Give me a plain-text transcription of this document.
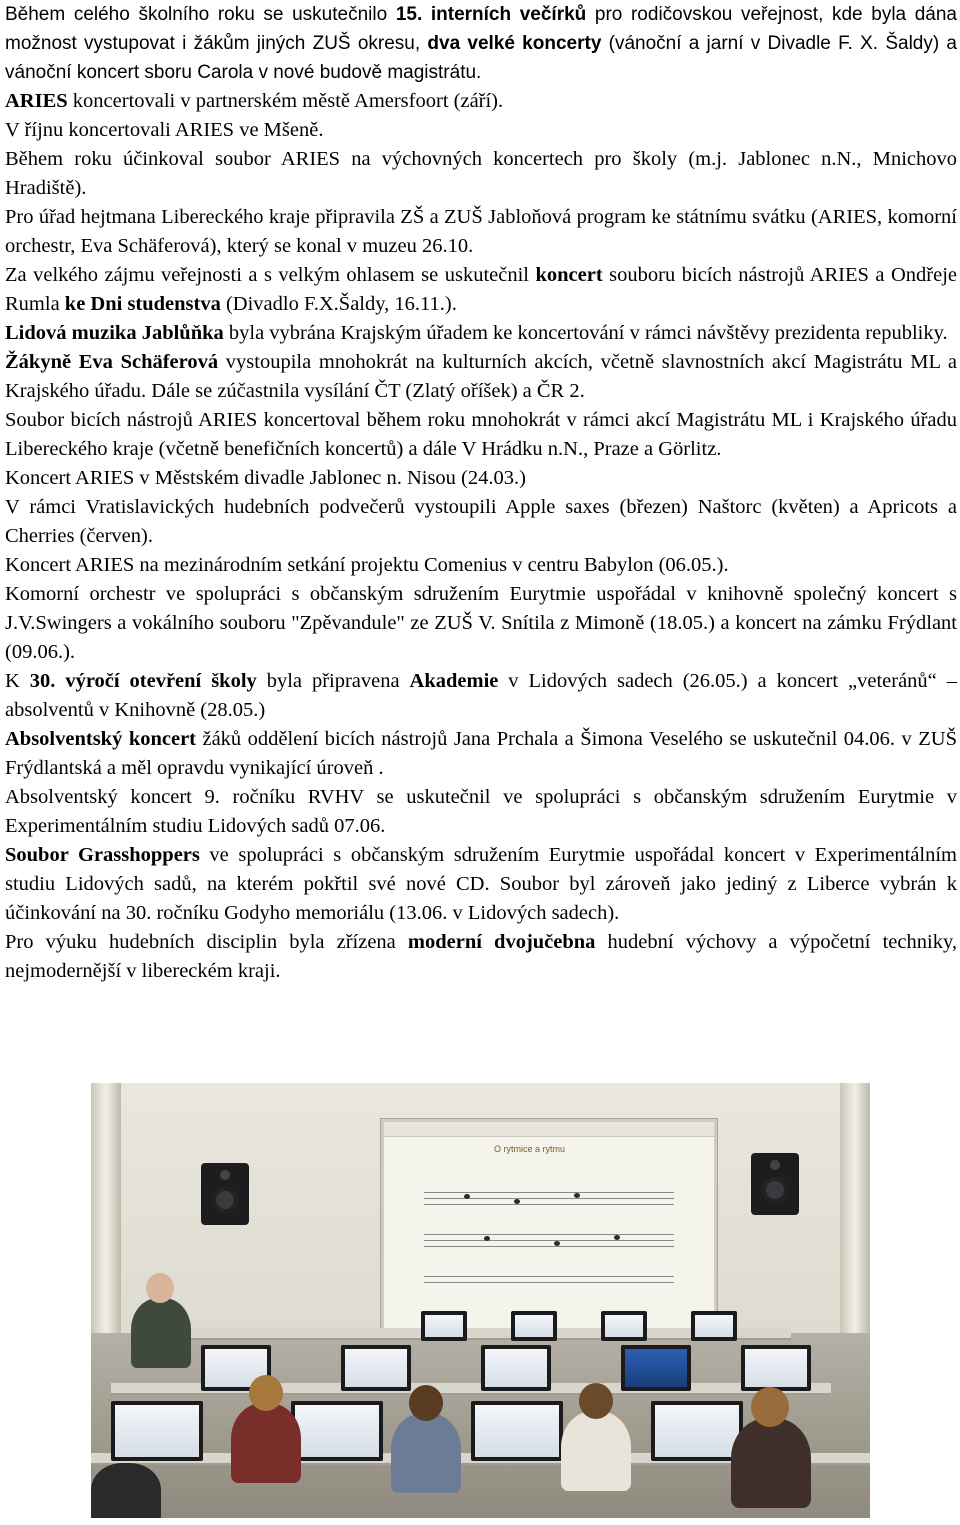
Během celého školního roku se uskutečnilo 15. interních večírků pro rodičovskou veřejnost, kde byla dána možnost vystupovat i žákům jiných ZUŠ okresu, dva velké koncerty (vánoční a jarní v Divadle F. X. Šaldy) a vánoční koncert sboru Carola v nové budově magistrátu.

ARIES koncertovali v partnerském městě Amersfoort (září).

V říjnu koncertovali ARIES ve Mšeně.

Během roku účinkoval soubor ARIES na výchovných koncertech pro školy (m.j. Jablonec n.N., Mnichovo Hradiště).

Pro úřad hejtmana Libereckého kraje připravila ZŠ a ZUŠ Jabloňová program ke státnímu svátku (ARIES, komorní orchestr, Eva Schäferová), který se konal v muzeu 26.10.

Za velkého zájmu veřejnosti a s velkým ohlasem se uskutečnil koncert souboru bicích nástrojů ARIES a Ondřeje Rumla ke Dni studenstva (Divadlo F.X.Šaldy, 16.11.).

Lidová muzika Jablůňka byla vybrána Krajským úřadem ke koncertování v rámci návštěvy prezidenta republiky.

Žákyně Eva Schäferová vystoupila mnohokrát na kulturních akcích, včetně slavnostních akcí Magistrátu ML a Krajského úřadu. Dále se zúčastnila vysílání ČT (Zlatý oříšek) a ČR 2.

Soubor bicích nástrojů ARIES koncertoval během roku mnohokrát v rámci akcí Magistrátu ML i Krajského úřadu Libereckého kraje (včetně benefičních koncertů) a dále V Hrádku n.N., Praze a Görlitz.

Koncert ARIES v Městském divadle Jablonec n. Nisou (24.03.)

V rámci Vratislavických hudebních podvečerů vystoupili Apple saxes (březen) Naštorc (květen) a Apricots a Cherries (červen).

Koncert ARIES na mezinárodním setkání projektu Comenius v centru Babylon (06.05.).

Komorní orchestr ve spolupráci s občanským sdružením Eurytmie uspořádal v knihovně společný koncert s J.V.Swingers a vokálního souboru "Zpěvandule" ze ZUŠ V. Snítila z Mimoně (18.05.) a koncert na zámku Frýdlant (09.06.).

K 30. výročí otevření školy byla připravena Akademie v Lidových sadech (26.05.) a koncert „veteránů“ – absolventů v Knihovně (28.05.)

Absolventský koncert žáků oddělení bicích nástrojů Jana Prchala a Šimona Veselého se uskutečnil 04.06. v ZUŠ Frýdlantská a měl opravdu vynikající úroveň .

Absolventský koncert 9. ročníku RVHV se uskutečnil ve spolupráci s občanským sdružením Eurytmie v Experimentálním studiu Lidových sadů 07.06.

Soubor Grasshoppers ve spolupráci s občanským sdružením Eurytmie uspořádal koncert v Experimentálním studiu Lidových sadů, na kterém pokřtil své nové CD. Soubor byl zároveň jako jediný z Liberce vybrán k účinkování na 30. ročníku Godyho memoriálu (13.06. v Lidových sadech).

Pro výuku hudebních disciplin byla zřízena moderní dvojučebna hudební výchovy a výpočetní techniky, nejmodernější v libereckém kraji.

O rytmice a rytmu
